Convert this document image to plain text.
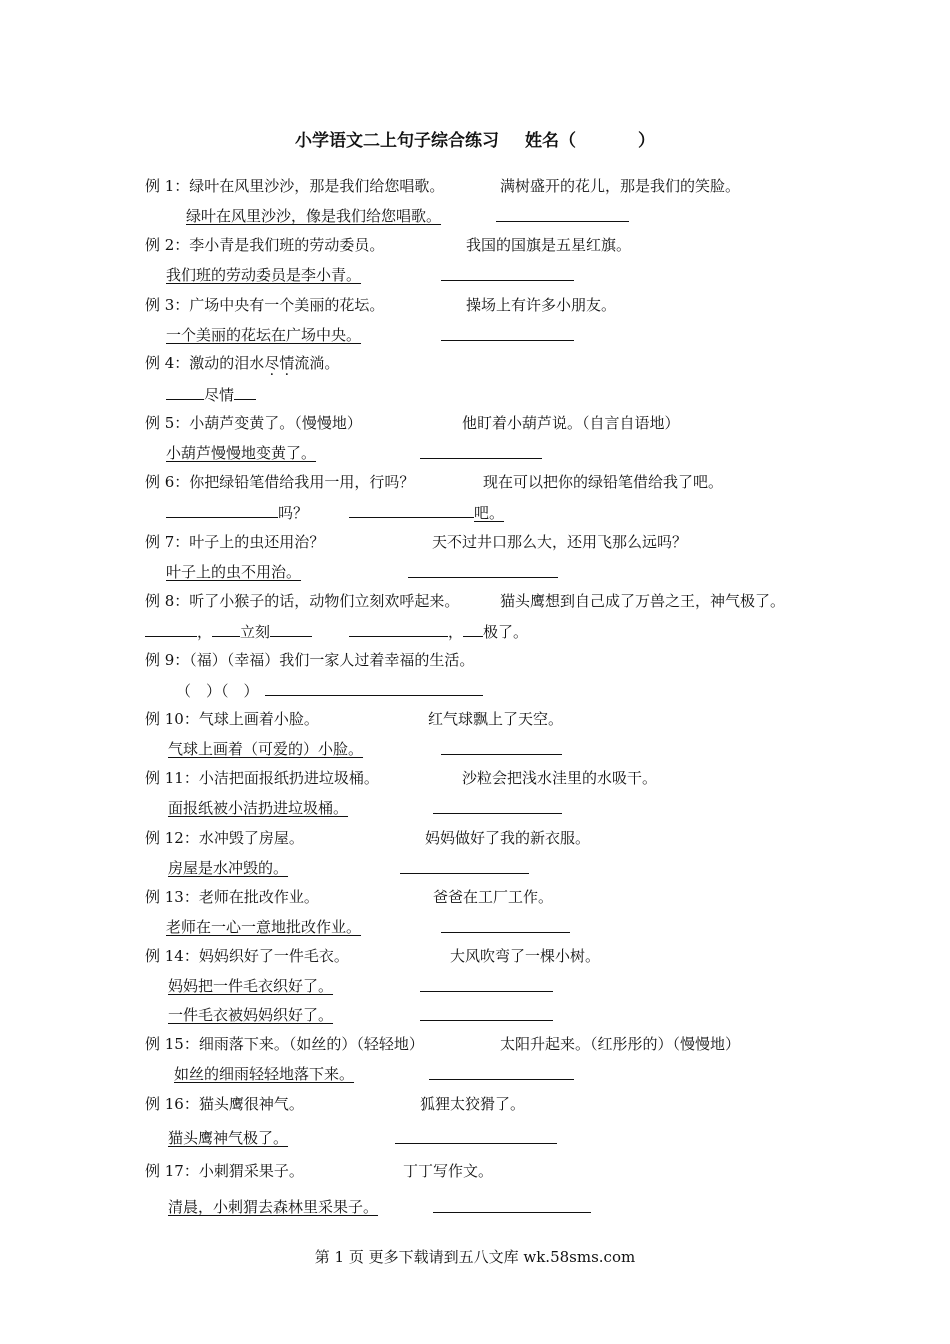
小学语文二上句子综合练习 姓名（	）
例 1：绿叶在风里沙沙，那是我们给您唱歌。	满树盛开的花儿，那是我们的笑脸。
绿叶在风里沙沙，像是我们给您唱歌。
例 2：李小青是我们班的劳动委员。	我国的国旗是五星红旗。
我们班的劳动委员是李小青。
例 3：广场中央有一个美丽的花坛。	操场上有许多小朋友。
一个美丽的花坛在广场中央。
例 4：激动的泪水尽情流淌。
尽情
例 5：小葫芦变黄了。（慢慢地）	他盯着小葫芦说。（自言自语地）
小葫芦慢慢地变黄了。
例 6：你把绿铅笔借给我用一用，行吗？	现在可以把你的绿铅笔借给我了吧。
吗？	吧。
例 7：叶子上的虫还用治？	天不过井口那么大，还用飞那么远吗？
叶子上的虫不用治。
例 8：听了小猴子的话，动物们立刻欢呼起来。	猫头鹰想到自己成了万兽之王，神气极了。
， 立刻	， 极了。
例 9：（福）（幸福）我们一家人过着幸福的生活。
（　）（　）
例 10：气球上画着小脸。	红气球飘上了天空。
气球上画着（可爱的）小脸。
例 11：小洁把面报纸扔进垃圾桶。	沙粒会把浅水洼里的水吸干。
面报纸被小洁扔进垃圾桶。
例 12：水冲毁了房屋。	妈妈做好了我的新衣服。
房屋是水冲毁的。
例 13：老师在批改作业。	爸爸在工厂工作。
老师在一心一意地批改作业。
例 14：妈妈织好了一件毛衣。	大风吹弯了一棵小树。
妈妈把一件毛衣织好了。
一件毛衣被妈妈织好了。
例 15：细雨落下来。（如丝的）（轻轻地）	太阳升起来。（红彤彤的）（慢慢地）
如丝的细雨轻轻地落下来。
例 16：猫头鹰很神气。	狐狸太狡猾了。
猫头鹰神气极了。
例 17：小刺猬采果子。	丁丁写作文。
清晨，小刺猬去森林里采果子。
第 1 页 更多下载请到五八文库 wk.58sms.com
